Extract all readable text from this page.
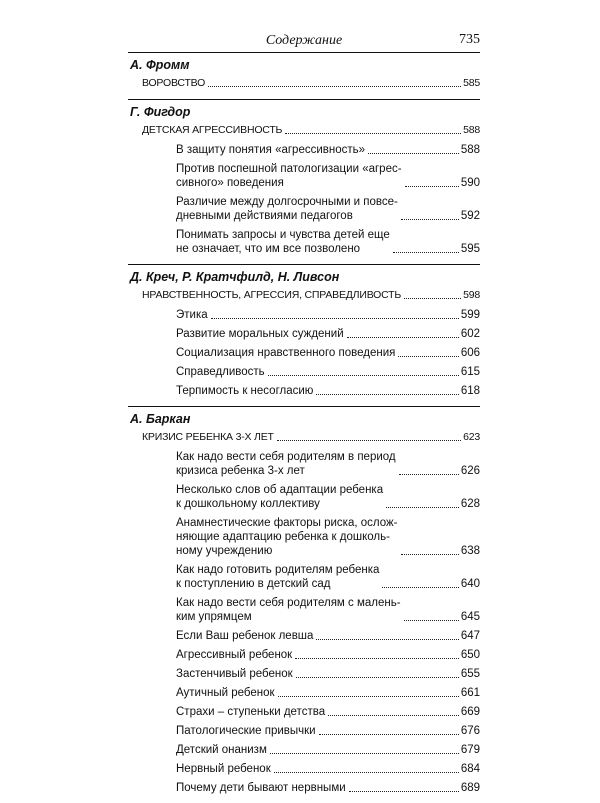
Содержание	735
А. Фромм
ВОРОВСТВО	585
Г. Фигдор
ДЕТСКАЯ АГРЕССИВНОСТЬ	588
В защиту понятия «агрессивность»	588
Против поспешной патологизации «агрес-
сивного» поведения	590
Различие между долгосрочными и повсе-
дневными действиями педагогов	592
Понимать запросы и чувства детей еще
не означает, что им все позволено	595
Д. Креч, Р. Кратчфилд, Н. Ливсон
НРАВСТВЕННОСТЬ, АГРЕССИЯ, СПРАВЕДЛИВОСТЬ	598
Этика	599
Развитие моральных суждений	602
Социализация нравственного поведения	606
Справедливость	615
Терпимость к несогласию	618
А. Баркан
КРИЗИС РЕБЕНКА 3-Х ЛЕТ	623
Как надо вести себя родителям в период
кризиса ребенка 3-х лет	626
Несколько слов об адаптации ребенка
к дошкольному коллективу	628
Анамнестические факторы риска, ослож-
няющие адаптацию ребенка к дошколь-
ному учреждению	638
Как надо готовить родителям ребенка
к поступлению в детский сад	640
Как надо вести себя родителям с малень-
ким упрямцем	645
Если Ваш ребенок левша	647
Агрессивный ребенок	650
Застенчивый ребенок	655
Аутичный ребенок	661
Страхи – ступеньки детства	669
Патологические привычки	676
Детский онанизм	679
Нервный ребенок	684
Почему дети бывают нервными	689
